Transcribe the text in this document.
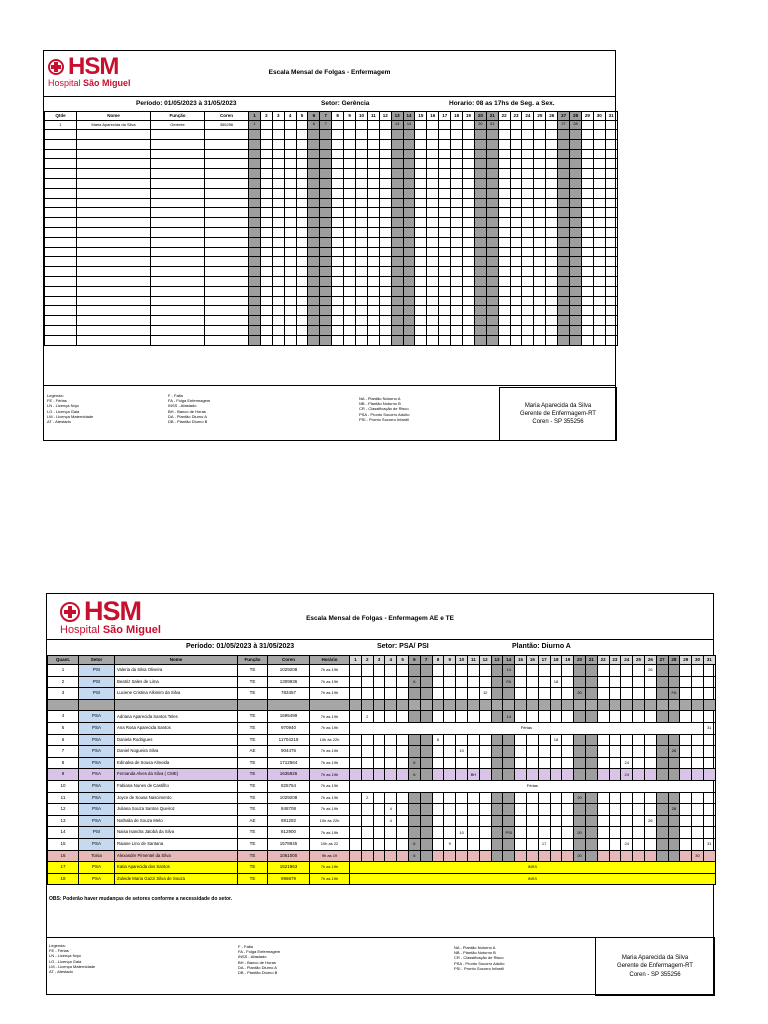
HSM
Hospital São Miguel
Escala Mensal de Folgas - Enfermagem
Período: 01/05/2023 à 31/05/2023	Setor: Gerência	Horario: 08 as 17hs de Seg. a Sex.
Qtde	Nome	Função	Coren	1	2	3	4	5	6	7	8	9	10	11	12	13	14	15	16	17	18	19	20	21	22	23	24	25	26	27	28	29	30	31
1	Maria Aparecida da Silva	Gerente	355256	1					6	7						13	14						20	21						27	28			

Legenda:
FE - Férias
LN - Licença Nojo
LG - Licença Gala
LM - Licença Maternidade
AT - Atestado
F - Falta
FA - Folga Enfermagem
INSS - Afastado
BH - Banco de Horas
DA - Plantão Diurno A
DB - Plantão Diurno B
NA - Plantão Noturno A
NB - Plantão Noturno B
CR - Classificação de Risco
PSA - Pronto Socorro Adulto
PSI - Pronto Socorro Infantil
Maria Aparecida da Silva
Gerente de Enfermagem-RT
Coren - SP 355256
HSM
Hospital São Miguel
Escala Mensal de Folgas - Enfermagem AE e TE
Período: 01/05/2023 à 31/05/2023	Setor: PSA/ PSI	Plantão: Diurno A
Quant.	Setor	Nome	Função	Coren	Horário	1	2	3	4	5	6	7	8	9	10	11	12	13	14	15	16	17	18	19	20	21	22	23	24	25	26	27	28	29	30	31
1	PSI	Valeria da Silva Oliveira	TE	1029208	7h as 19h														14												26					
2	PSI	Beatriz Sales de Lima	TE	1309936	7h as 19h						6								FA				18													
3	PSI	Luciene Cristina Alkimim da Silva	TE	783457	7h as 19h												12								20								FA			

4	PSA	Adriana Aparecida Santos Teles	TE	1695499	7h as 19h		2												14																	
5	PSA	Ana Rosa Aparecida Santos	TE	970940	7h as 19h	Férias																														31
6	PSA	Daniela Rodrigues	TE	11704219	10h às 22h								8										18													
7	PSA	Daniel Nogueira Silva	AE	904476	7h as 19h										10																		28			
8	PSA	Edinalva de Sousa Almeida	TE	1712564	7h as 19h						6																		24							
9	PSA	Fernanda Alves da Silva ( CME)	TE	1635926	7h as 19h						6					BH													24							
10	PSA	Fabiana Nunes de Castilho	TE	825754	7h as 19h	Férias																														
11	PSA	Joyce de Sousa Nascimento	TE	1029208	7h as 19h		2																		20											
12	PSA	Juliana Souza Santos Queiroz	TE	848708	7h as 19h				4																								28			
13	PSA	Nathalia de Souza Melo	AE	891292	10h às 22h				4																						26					
14	PSI	Naisa Isandra Jatobá da Silva	TE	812900	7h as 19h										10				PSI						20											
15	PSA	Raiane Lino de Santana	TE	1578945	10h as 22						6			9								17							24							31
16	Tonia	Alexandre Pimentel da Silva	TE	1061000	9h as 19						6														20										30	
17	PSA	Katia Aparecida dos Santos	TE	1521963	7h as 19h	INSS																														
18	PSA	Zuleide Maria Gazzi Silva de Souza	TE	996879	7h as 19h	INSS																														
OBS: Poderão haver mudanças de setores conforme a necessidade do setor.
Legenda:
FE - Férias
LN - Licença Nojo
LG - Licença Gala
LM - Licença Maternidade
AT - Atestado
F - Falta
FA - Folga Enfermagem
INSS - Afastado
BH - Banco de Horas
DA - Plantão Diurno A
DB - Plantão Diurno B
NA - Plantão Noturno A
NB - Plantão Noturno B
CR - Classificação de Risco
PSA - Pronto Socorro Adulto
PSI - Pronto Socorro Infantil
Maria Aparecida da Silva
Gerente de Enfermagem-RT
Coren - SP 355256
